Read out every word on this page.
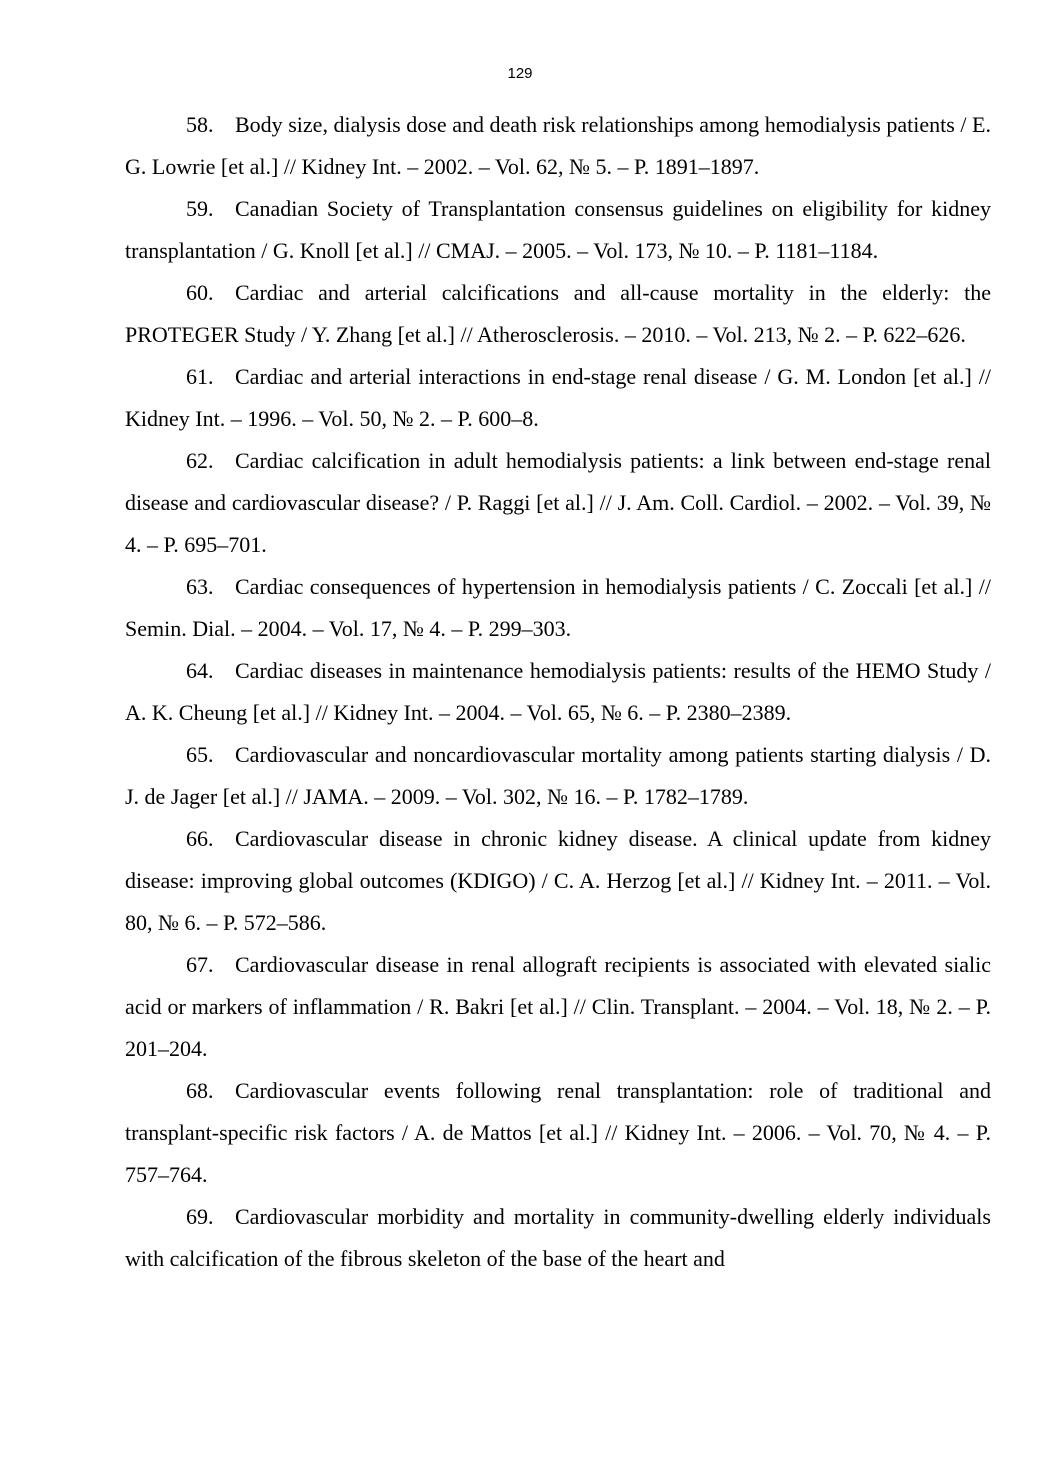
129

58. Body size, dialysis dose and death risk relationships among hemodialysis patients / E. G. Lowrie [et al.] // Kidney Int. – 2002. – Vol. 62, № 5. – P. 1891–1897.

59. Canadian Society of Transplantation consensus guidelines on eligibility for kidney transplantation / G. Knoll [et al.] // CMAJ. – 2005. – Vol. 173, № 10. – P. 1181–1184.

60. Cardiac and arterial calcifications and all-cause mortality in the elderly: the PROTEGER Study / Y. Zhang [et al.] // Atherosclerosis. – 2010. – Vol. 213, № 2. – P. 622–626.

61. Cardiac and arterial interactions in end-stage renal disease / G. M. London [et al.] // Kidney Int. – 1996. – Vol. 50, № 2. – P. 600–8.

62. Cardiac calcification in adult hemodialysis patients: a link between end-stage renal disease and cardiovascular disease? / P. Raggi [et al.] // J. Am. Coll. Cardiol. – 2002. – Vol. 39, № 4. – P. 695–701.

63. Cardiac consequences of hypertension in hemodialysis patients / C. Zoccali [et al.] // Semin. Dial. – 2004. – Vol. 17, № 4. – P. 299–303.

64. Cardiac diseases in maintenance hemodialysis patients: results of the HEMO Study / A. K. Cheung [et al.] // Kidney Int. – 2004. – Vol. 65, № 6. – P. 2380–2389.

65. Cardiovascular and noncardiovascular mortality among patients starting dialysis / D. J. de Jager [et al.] // JAMA. – 2009. – Vol. 302, № 16. – P. 1782–1789.

66. Cardiovascular disease in chronic kidney disease. A clinical update from kidney disease: improving global outcomes (KDIGO) / C. A. Herzog [et al.] // Kidney Int. – 2011. – Vol. 80, № 6. – P. 572–586.

67. Cardiovascular disease in renal allograft recipients is associated with elevated sialic acid or markers of inflammation / R. Bakri [et al.] // Clin. Transplant. – 2004. – Vol. 18, № 2. – P. 201–204.

68. Cardiovascular events following renal transplantation: role of traditional and transplant-specific risk factors / A. de Mattos [et al.] // Kidney Int. – 2006. – Vol. 70, № 4. – P. 757–764.

69. Cardiovascular morbidity and mortality in community-dwelling elderly individuals with calcification of the fibrous skeleton of the base of the heart and
